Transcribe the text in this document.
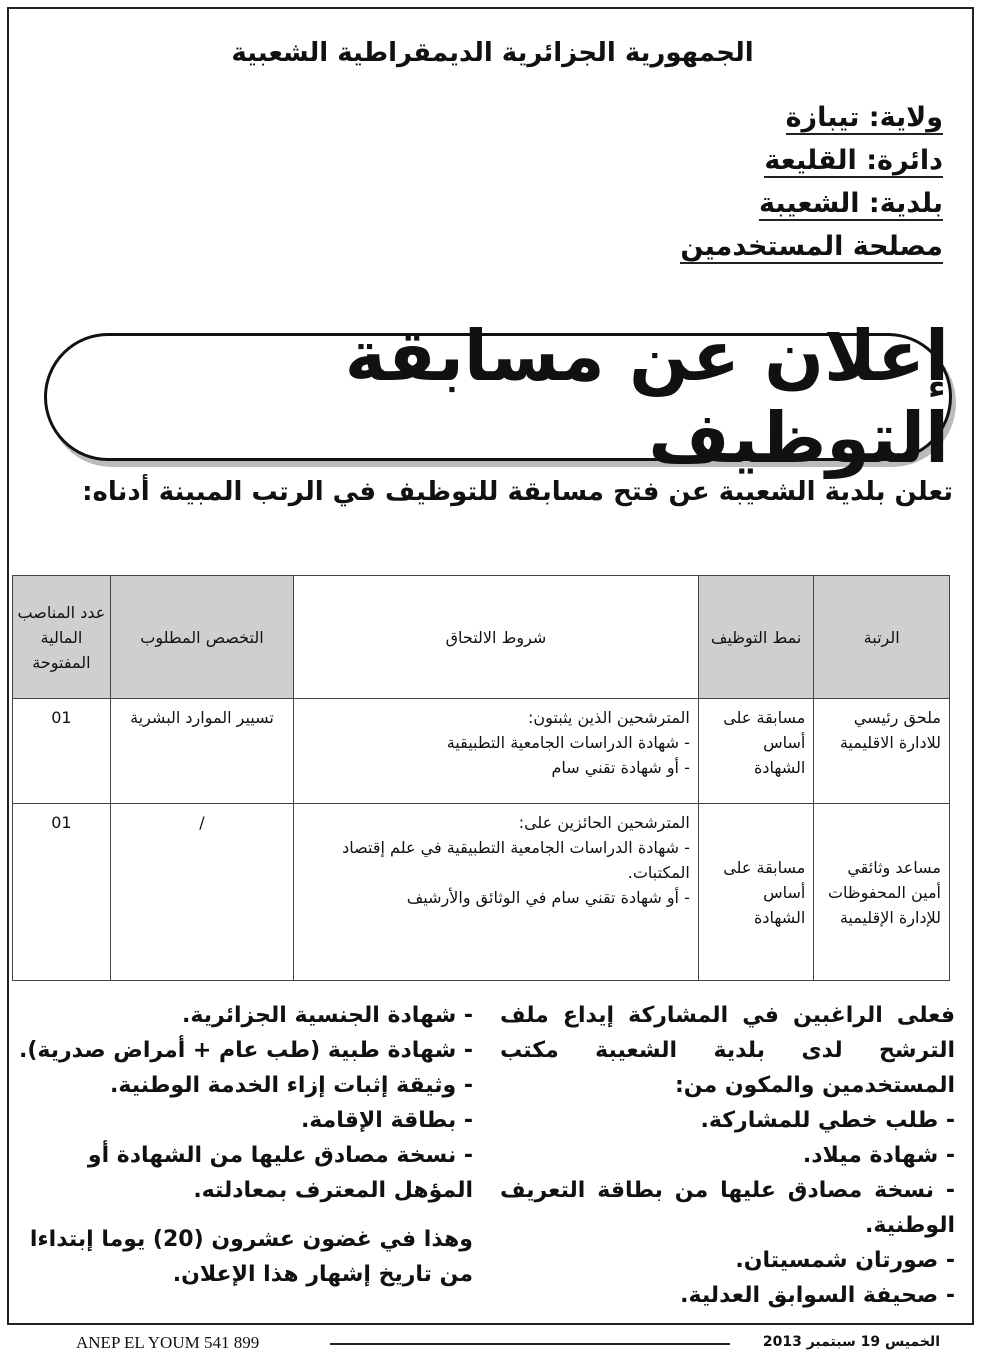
الجمهورية الجزائرية الديمقراطية الشعبية
ولاية: تيبازة
دائرة: القليعة
بلدية: الشعيبة
مصلحة المستخدمين
إعلان عن مسابقة التوظيف
تعلن بلدية الشعيبة عن فتح مسابقة للتوظيف في الرتب المبينة أدناه:
الرتبة	نمط التوظيف	شروط الالتحاق	التخصص المطلوب	عدد المناصب المالية المفتوحة
ملحق رئيسي للادارة الاقليمية	مسابقة على أساس الشهادة	المترشحين الذين يثبتون:
- شهادة الدراسات الجامعية التطبيقية
- أو شهادة تقني سام	تسيير الموارد البشرية	01
مساعد وثائقي أمين المحفوظات للإدارة الإقليمية	مسابقة على أساس الشهادة	المترشحين الحائزين على:
- شهادة الدراسات الجامعية التطبيقية في علم إقتصاد المكتبات.
- أو شهادة تقني سام في الوثائق والأرشيف	/	01

فعلى الراغبين في المشاركة إيداع ملف الترشح لدى بلدية الشعيبة مكتب المستخدمين والمكون من:

- طلب خطي للمشاركة.

- شهادة ميلاد.

- نسخة مصادق عليها من بطاقة التعريف الوطنية.

- صورتان شمسيتان.

- صحيفة السوابق العدلية.

- شهادة الجنسية الجزائرية.

- شهادة طبية (طب عام + أمراض صدرية).

- وثيقة إثبات إزاء الخدمة الوطنية.

- بطاقة الإقامة.

- نسخة مصادق عليها من الشهادة أو المؤهل المعترف بمعادلته.

وهذا في غضون عشرون (20) يوما إبتداءا من تاريخ إشهار هذا الإعلان.

ANEP EL YOUM 541 899	الخميس 19 سبتمبر 2013
